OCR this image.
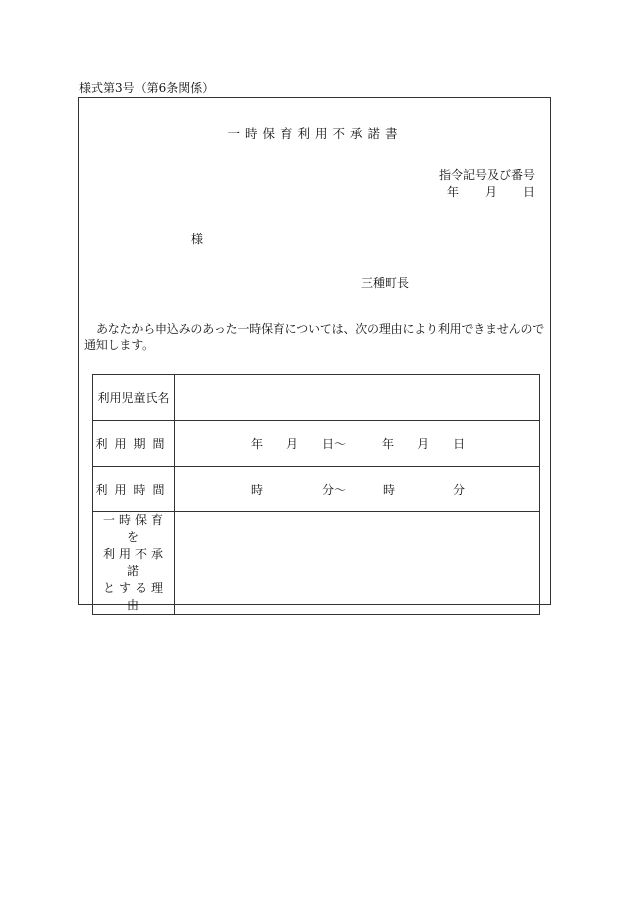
様式第3号（第6条関係）
一時保育利用不承諾書
指令記号及び番号
年 月 日
様
三種町長
あなたから申込みのあった一時保育については、次の理由により利用できませんので通知します。
利用児童氏名	
利用期間	年 月 日〜 年 月 日
利用時間	時 分〜 時 分
一時保育を
利用不承諾
とする理由	
